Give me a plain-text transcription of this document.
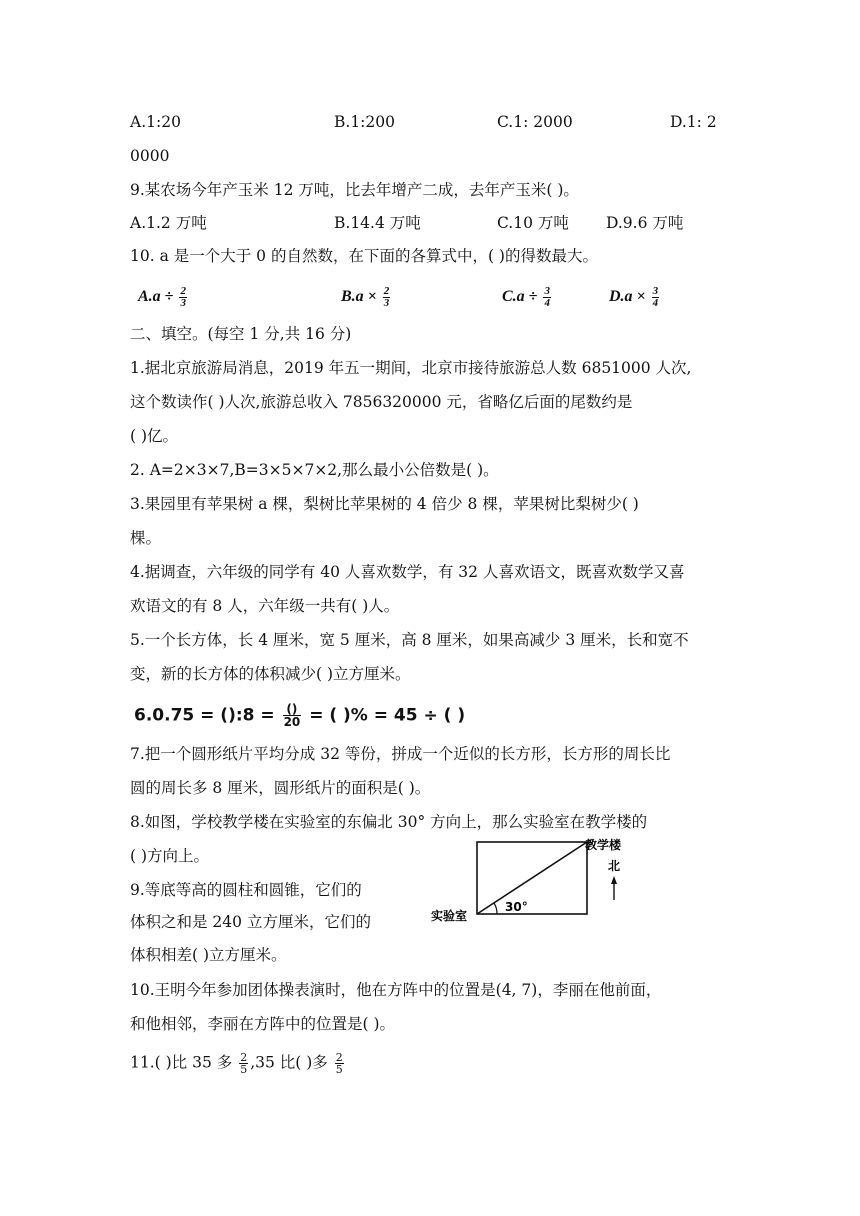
A.1:20	B.1:200	C.1: 2000	D.1: 2
0000
9.某农场今年产玉米 12 万吨，比去年增产二成，去年产玉米( )。
A.1.2 万吨	B.14.4 万吨	C.10 万吨 D.9.6 万吨
10. a 是一个大于 0 的自然数，在下面的各算式中，( )的得数最大。
$A.a \div \frac{2}{3}$	$B.a \times \frac{2}{3}$	$C.a \div \frac{3}{4}$	$D.a \times \frac{3}{4}$
二、填空。(每空 1 分,共 16 分)
1.据北京旅游局消息，2019 年五一期间，北京市接待旅游总人数 6851000 人次,
这个数读作( )人次,旅游总收入 7856320000 元，省略亿后面的尾数约是
( )亿。
2. A=2×3×7,B=3×5×7×2,那么最小公倍数是( )。
3.果园里有苹果树 a 棵，梨树比苹果树的 4 倍少 8 棵，苹果树比梨树少( )
棵。
4.据调查，六年级的同学有 40 人喜欢数学，有 32 人喜欢语文，既喜欢数学又喜
欢语文的有 8 人，六年级一共有( )人。
5.一个长方体，长 4 厘米，宽 5 厘米，高 8 厘米，如果高减少 3 厘米，长和宽不
变，新的长方体的体积减少( )立方厘米。
6.0.75 = ():8 = $\frac{()}{20}$ = ( )% = 45 ÷ ( )
7.把一个圆形纸片平均分成 32 等份，拼成一个近似的长方形，长方形的周长比
圆的周长多 8 厘米，圆形纸片的面积是( )。
8.如图，学校教学楼在实验室的东偏北 30° 方向上，那么实验室在教学楼的
( )方向上。
教学楼
北
实验室
30°
9.等底等高的圆柱和圆锥，它们的
体积之和是 240 立方厘米，它们的
体积相差( )立方厘米。
10.王明今年参加团体操表演时，他在方阵中的位置是(4, 7)，李丽在他前面，
和他相邻，李丽在方阵中的位置是( )。
11.( )比 35 多 $\frac{2}{5} ,35$ 比( )多 $\frac{2}{5}$
